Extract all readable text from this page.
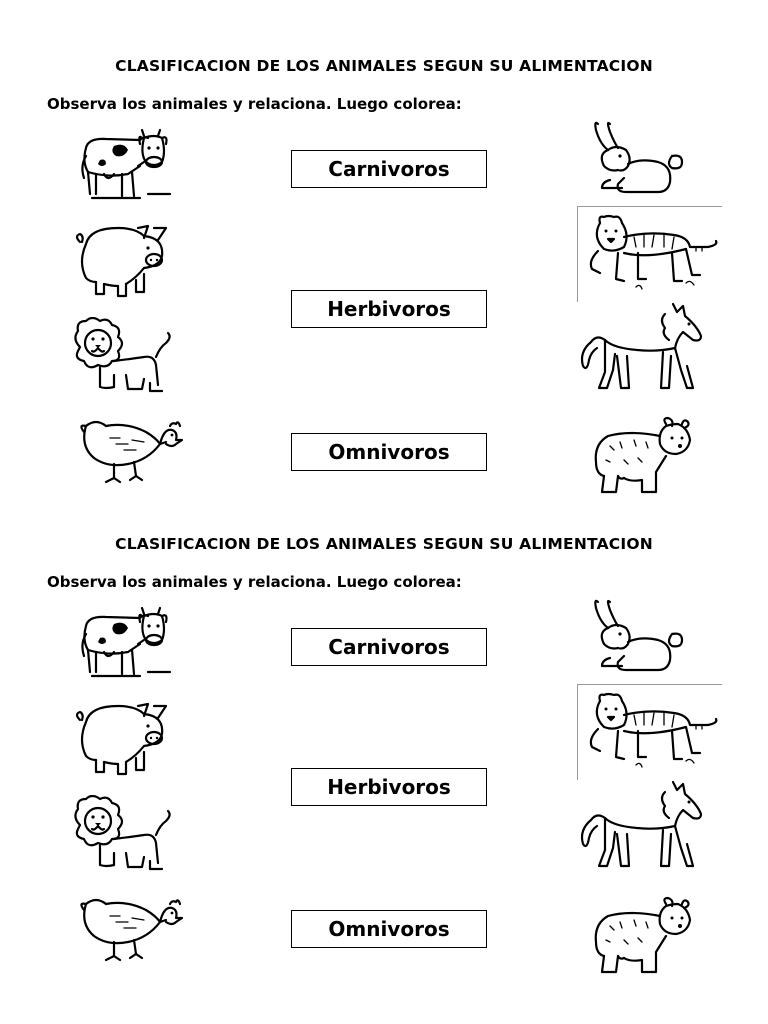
CLASIFICACION DE LOS ANIMALES SEGUN SU ALIMENTACION
Observa los animales y relaciona. Luego colorea:
Carnivoros
Herbivoros
Omnivoros
CLASIFICACION DE LOS ANIMALES SEGUN SU ALIMENTACION
Observa los animales y relaciona. Luego colorea:
Carnivoros
Herbivoros
Omnivoros
